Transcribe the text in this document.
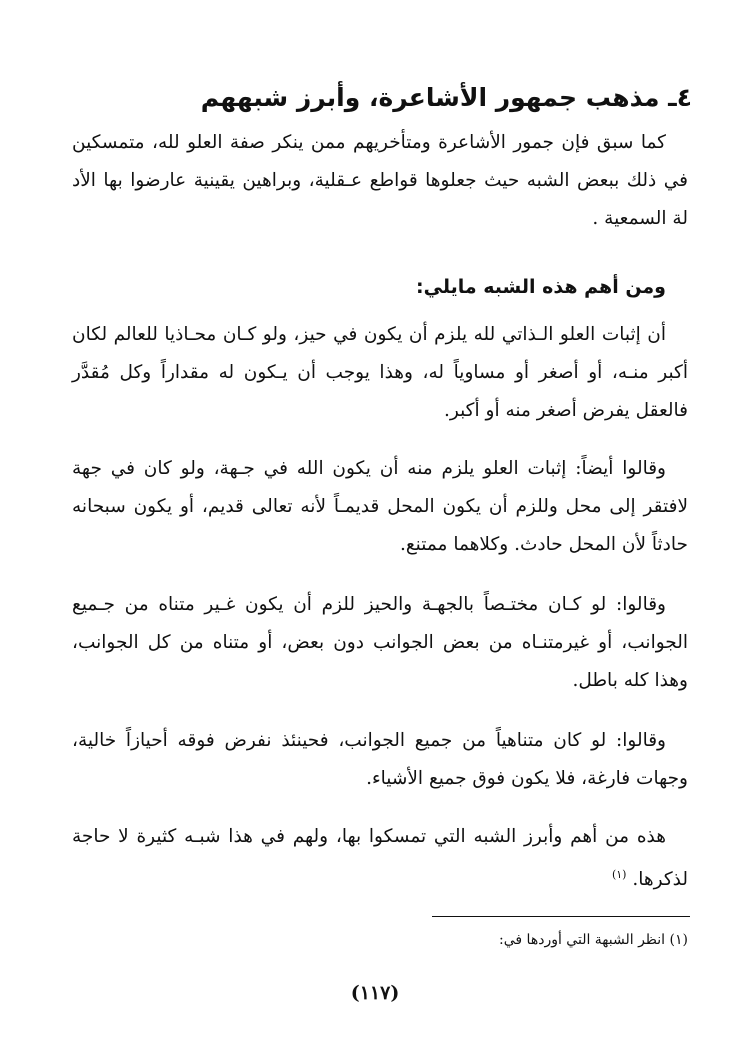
٤ـ مذهب جمهور الأشاعرة، وأبرز شبههم
كما سبق فإن جمور الأشاعرة ومتأخريهم ممن ينكر صفة العلو لله، متمسكين في ذلك ببعض الشبه حيث جعلوها قواطع عـقلية، وبراهين يقينية عارضوا بها الأد لة السمعية .
ومن أهم هذه الشبه مايلي:
أن إثبات العلو الـذاتي لله يلزم أن يكون في حيز، ولو كـان محـاذيا للعالم لكان أكبر منـه، أو أصغر أو مساوياً له، وهذا يوجب أن يـكون له مقداراً وكل مُقدَّر فالعقل يفرض أصغر منه أو أكبر.
وقالوا أيضاً: إثبات العلو يلزم منه أن يكون الله في جـهة، ولو كان في جهة لافتقر إلى محل وللزم أن يكون المحل قديمـاً لأنه تعالى قديم، أو يكون سبحانه حادثاً لأن المحل حادث. وكلاهما ممتنع.
وقالوا: لو كـان مختـصاً بالجهـة والحيز للزم أن يكون غـير متناه من جـميع الجوانب، أو غيرمتنـاه من بعض الجوانب دون بعض، أو متناه من كل الجوانب، وهذا كله باطل.
وقالوا: لو كان متناهياً من جميع الجوانب، فحينئذ نفرض فوقه أحيازاً خالية، وجهات فارغة، فلا يكون فوق جميع الأشياء.
هذه من أهم وأبرز الشبه التي تمسكوا بها، ولهم في هذا شبـه كثيرة لا حاجة لذكرها. $^{(١)}$
(١) انظر الشبهة التي أوردها في:
(١١٧)
